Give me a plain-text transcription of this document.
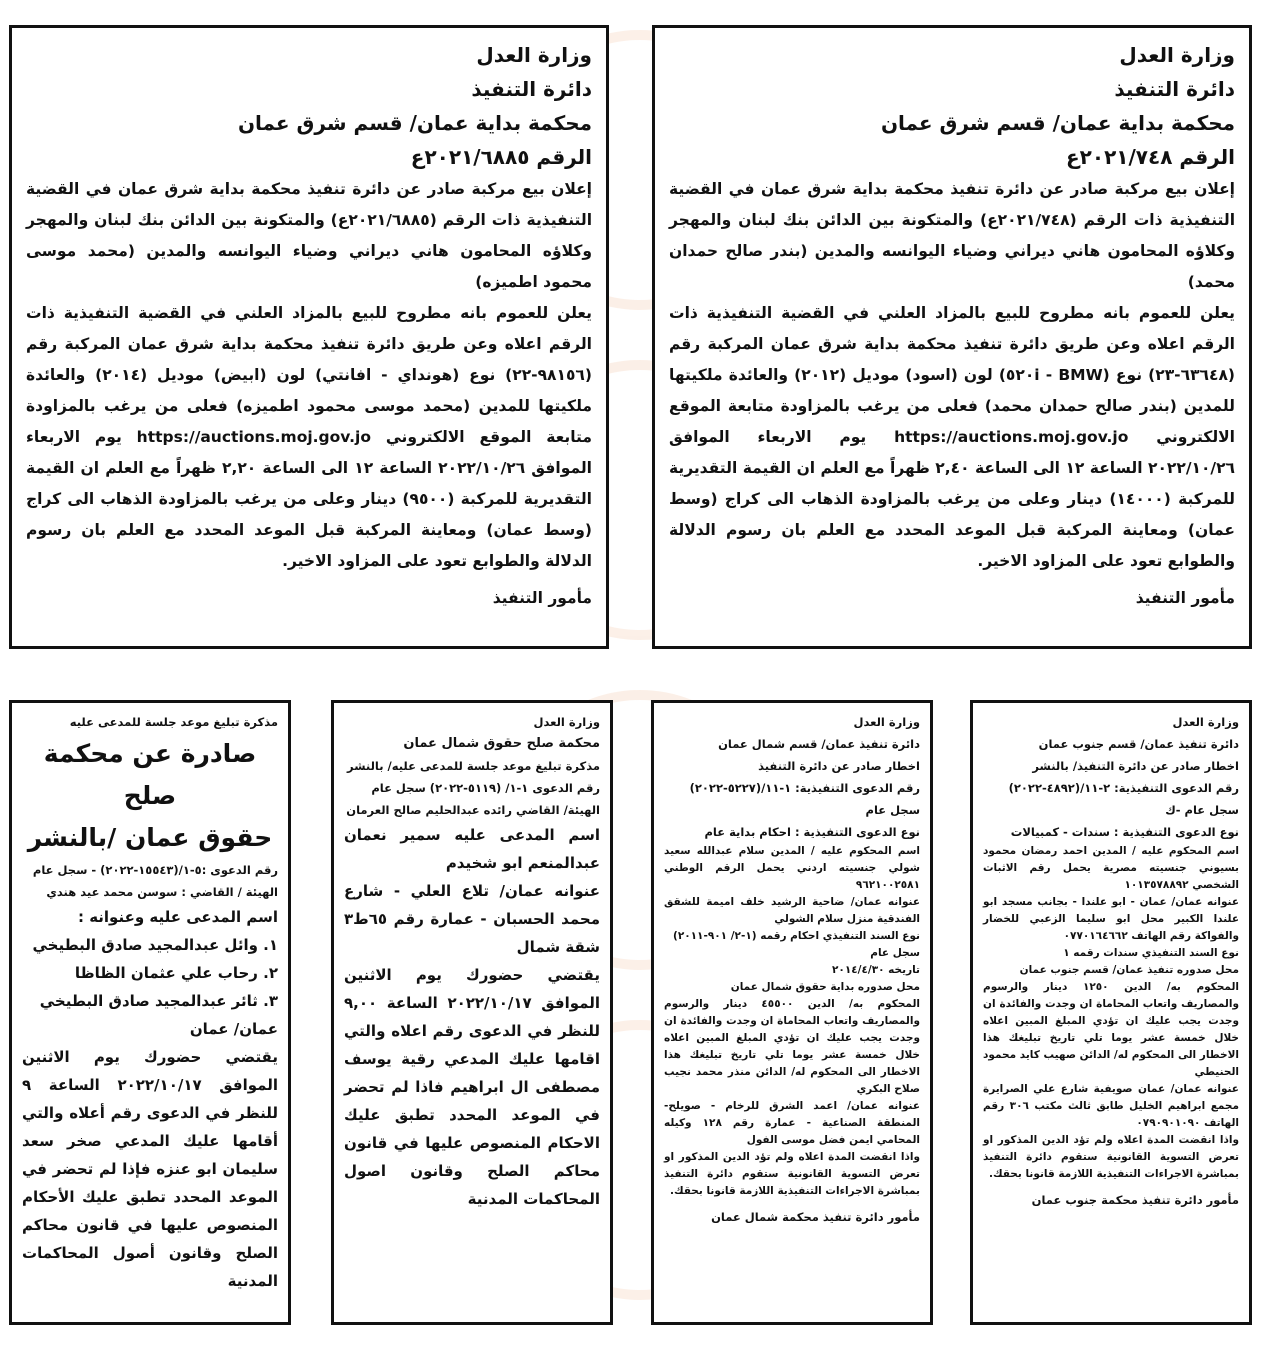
وزارة العدل

دائرة التنفيذ

محكمة بداية عمان/ قسم شرق عمان

الرقم ٢٠٢١/٧٤٨ع

إعلان بيع مركبة صادر عن دائرة تنفيذ محكمة بداية شرق عمان في القضية التنفيذية ذات الرقم (٢٠٢١/٧٤٨ع) والمتكونة بين الدائن بنك لبنان والمهجر وكلاؤه المحامون هاني ديراني وضياء اليوانسه والمدين (بندر صالح حمدان محمد)

يعلن للعموم بانه مطروح للبيع بالمزاد العلني في القضية التنفيذية ذات الرقم اعلاه وعن طريق دائرة تنفيذ محكمة بداية شرق عمان المركبة رقم (٦٣٦٤٨-٢٣) نوع (BMW - ٥٢٠i) لون (اسود) موديل (٢٠١٢) والعائدة ملكيتها للمدين (بندر صالح حمدان محمد) فعلى من يرغب بالمزاودة متابعة الموقع الالكتروني https://auctions.moj.gov.jo يوم الاربعاء الموافق ٢٠٢٢/١٠/٢٦ الساعة ١٢ الى الساعة ٢,٤٠ ظهراً مع العلم ان القيمة التقديرية للمركبة (١٤٠٠٠) دينار وعلى من يرغب بالمزاودة الذهاب الى كراج (وسط عمان) ومعاينة المركبة قبل الموعد المحدد مع العلم بان رسوم الدلالة والطوابع تعود على المزاود الاخير.

مأمور التنفيذ

وزارة العدل

دائرة التنفيذ

محكمة بداية عمان/ قسم شرق عمان

الرقم ٢٠٢١/٦٨٨٥ع

إعلان بيع مركبة صادر عن دائرة تنفيذ محكمة بداية شرق عمان في القضية التنفيذية ذات الرقم (٢٠٢١/٦٨٨٥ع) والمتكونة بين الدائن بنك لبنان والمهجر وكلاؤه المحامون هاني ديراني وضياء اليوانسه والمدين (محمد موسى محمود اطميزه)

يعلن للعموم بانه مطروح للبيع بالمزاد العلني في القضية التنفيذية ذات الرقم اعلاه وعن طريق دائرة تنفيذ محكمة بداية شرق عمان المركبة رقم (٩٨١٥٦-٢٢) نوع (هونداي - افانتي) لون (ابيض) موديل (٢٠١٤) والعائدة ملكيتها للمدين (محمد موسى محمود اطميزه) فعلى من يرغب بالمزاودة متابعة الموقع الالكتروني https://auctions.moj.gov.jo يوم الاربعاء الموافق ٢٠٢٢/١٠/٢٦ الساعة ١٢ الى الساعة ٢,٢٠ ظهراً مع العلم ان القيمة التقديرية للمركبة (٩٥٠٠) دينار وعلى من يرغب بالمزاودة الذهاب الى كراج (وسط عمان) ومعاينة المركبة قبل الموعد المحدد مع العلم بان رسوم الدلالة والطوابع تعود على المزاود الاخير.

مأمور التنفيذ

وزارة العدل

دائرة تنفيذ عمان/ قسم جنوب عمان

اخطار صادر عن دائرة التنفيذ/ بالنشر

رقم الدعوى التنفيذية: ٢-١١/(٤٨٩٢-٢٠٢٢)

سجل عام -ك

نوع الدعوى التنفيذية : سندات - كمبيالات

اسم المحكوم عليه / المدين احمد رمضان محمود بسيوني جنسيته مصرية يحمل رقم الاثبات الشخصي ١٠١٣٥٧٨٨٩٢

عنوانه عمان/ عمان - ابو علندا - بجانب مسجد ابو علندا الكبير محل ابو سليما الزعبي للخضار والفواكة رقم الهاتف ٠٧٧٠١٦٤٦٦٢

نوع السند التنفيذي سندات رقمه ١

محل صدوره تنفيذ عمان/ قسم جنوب عمان

المحكوم به/ الدين ١٢٥٠ دينار والرسوم والمصاريف واتعاب المحاماة ان وجدت والفائدة ان وجدت يجب عليك ان تؤدي المبلغ المبين اعلاه خلال خمسة عشر يوما تلي تاريخ تبليغك هذا الاخطار الى المحكوم له/ الدائن صهيب كايد محمود الحنيطي

عنوانه عمان/ عمان صويفية شارع علي الصرايرة مجمع ابراهيم الخليل طابق ثالث مكتب ٣٠٦ رقم الهاتف ٠٧٩٠٩٠١٠٩٠

واذا انقضت المدة اعلاه ولم تؤد الدين المذكور او تعرض التسوية القانونية ستقوم دائرة التنفيذ بمباشرة الاجراءات التنفيذية اللازمة قانونا بحقك.

مأمور دائرة تنفيذ محكمة جنوب عمان

وزارة العدل

دائرة تنفيذ عمان/ قسم شمال عمان

اخطار صادر عن دائرة التنفيذ

رقم الدعوى التنفيذية: ١-١١/(٥٢٢٧-٢٠٢٢)

سجل عام

نوع الدعوى التنفيذية : احكام بداية عام

اسم المحكوم عليه / المدين سلام عبدالله سعيد شولي جنسيته اردني يحمل الرقم الوطني ٩٦٢١٠٠٢٥٨١

عنوانه عمان/ ضاحية الرشيد خلف اميمة للشقق الفندقية منزل سلام الشولي

نوع السند التنفيذي احكام رقمه (١-٢/ ٩٠١-٢٠١١)

سجل عام

تاريخه ٢٠١٤/٤/٣٠

محل صدوره بداية حقوق شمال عمان

المحكوم به/ الدين ٤٥٥٠٠ دينار والرسوم والمصاريف واتعاب المحاماة ان وجدت والفائدة ان وجدت يجب عليك ان تؤدي المبلغ المبين اعلاه خلال خمسة عشر يوما تلي تاريخ تبليغك هذا الاخطار الى المحكوم له/ الدائن منذر محمد نجيب صلاح البكري

عنوانه عمان/ اعمد الشرق للرخام - صويلح- المنطقة الصناعية - عمارة رقم ١٢٨ وكيله المحامي ايمن فضل موسى الفول

واذا انقضت المدة اعلاه ولم تؤد الدين المذكور او تعرض التسوية القانونية ستقوم دائرة التنفيذ بمباشرة الاجراءات التنفيذية اللازمة قانونا بحقك.

مأمور دائرة تنفيذ محكمة شمال عمان

وزارة العدل

محكمة صلح حقوق شمال عمان

مذكرة تبليغ موعد جلسة للمدعى عليه/ بالنشر

رقم الدعوى ١-١/ (٥١١٩-٢٠٢٢) سجل عام

الهيئة/ القاضي رائده عبدالحليم صالح العرمان

اسم المدعى عليه سمير نعمان عبدالمنعم ابو شخيدم

عنوانه عمان/ تلاع العلي - شارع محمد الحسبان - عمارة رقم ٦٥ط٣ شقة شمال

يقتضي حضورك يوم الاثنين الموافق ٢٠٢٢/١٠/١٧ الساعة ٩,٠٠ للنظر في الدعوى رقم اعلاه والتي اقامها عليك المدعي رقية يوسف مصطفى ال ابراهيم فاذا لم تحضر في الموعد المحدد تطبق عليك الاحكام المنصوص عليها في قانون محاكم الصلح وقانون اصول المحاكمات المدنية

مذكرة تبليغ موعد جلسة للمدعى عليه

صادرة عن محكمة صلح

حقوق عمان /بالنشر

رقم الدعوى :٥-١/(١٥٥٤٣-٢٠٢٢) - سجل عام

الهيئة / القاضي : سوسن محمد عيد هندي

اسم المدعى عليه وعنوانه :

١. وائل عبدالمجيد صادق البطيخي

٢. رحاب علي عثمان الظاظا

٣. ثائر عبدالمجيد صادق البطيخي

عمان/ عمان

يقتضي حضورك يوم الاثنين الموافق ٢٠٢٢/١٠/١٧ الساعة ٩ للنظر في الدعوى رقم أعلاه والتي أقامها عليك المدعي صخر سعد سليمان ابو عنزه فإذا لم تحضر في الموعد المحدد تطبق عليك الأحكام المنصوص عليها في قانون محاكم الصلح وقانون أصول المحاكمات المدنية
